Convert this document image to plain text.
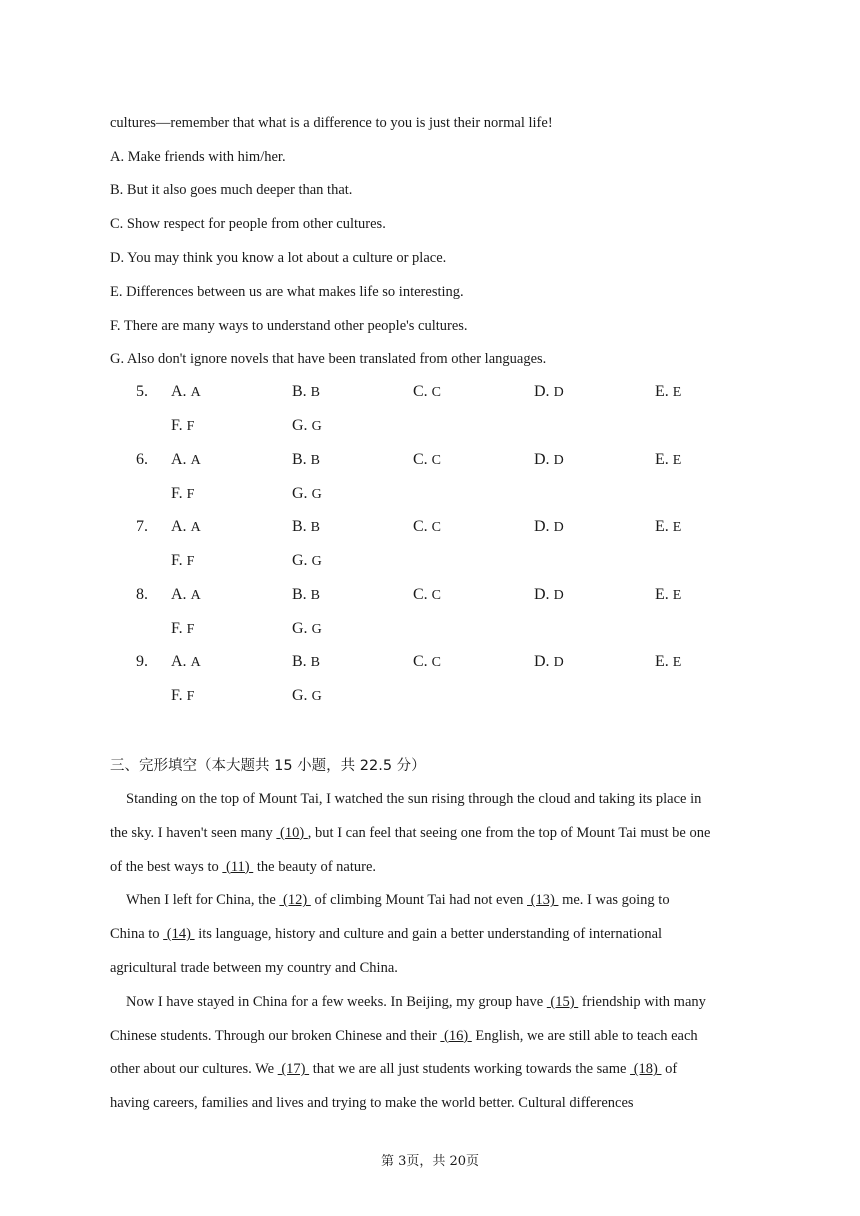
cultures—remember that what is a difference to you is just their normal life!
A. Make friends with him/her.
B. But it also goes much deeper than that.
C. Show respect for people from other cultures.
D. You may think you know a lot about a culture or place.
E. Differences between us are what makes life so interesting.
F. There are many ways to understand other people's cultures.
G. Also don't ignore novels that have been translated from other languages.
5. A. A	B. B	C. C	D. D	E. E
F. F	G. G
6. A. A	B. B	C. C	D. D	E. E
F. F	G. G
7. A. A	B. B	C. C	D. D	E. E
F. F	G. G
8. A. A	B. B	C. C	D. D	E. E
F. F	G. G
9. A. A	B. B	C. C	D. D	E. E
F. F	G. G
三、完形填空（本大题共 15 小题，共 22.5 分）
Standing on the top of Mount Tai, I watched the sun rising through the cloud and taking its place in
the sky. I haven't seen many  (10) , but I can feel that seeing one from the top of Mount Tai must be one
of the best ways to  (11)  the beauty of nature.
When I left for China, the  (12)  of climbing Mount Tai had not even  (13)  me. I was going to
China to  (14)  its language, history and culture and gain a better understanding of international
agricultural trade between my country and China.
Now I have stayed in China for a few weeks. In Beijing, my group have  (15)  friendship with many
Chinese students. Through our broken Chinese and their  (16)  English, we are still able to teach each
other about our cultures. We  (17)  that we are all just students working towards the same  (18)  of
having careers, families and lives and trying to make the world better. Cultural differences
第 3页，共 20页
